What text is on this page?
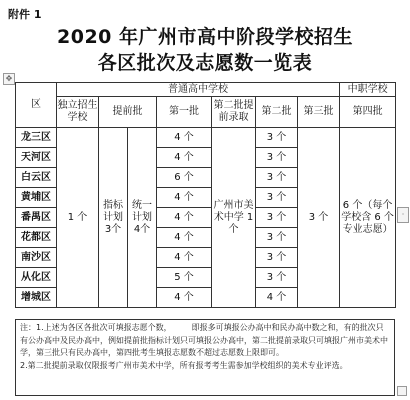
附件 1
2020 年广州市高中阶段学校招生
各区批次及志愿数一览表
✥
·
区	普通高中学校							中职学校
	独立招生学校	提前批		第一批	第二批提前录取	第二批	第三批	第四批
龙三区	1 个	指标计划 3个	统一计划 4个	4 个	广州市美术中学 1 个	3 个	3 个	6 个（每个学校含 6 个专业志愿）
天河区				4 个		3 个		
白云区				6 个		3 个		
黄埔区				4 个		3 个		
番禺区				4 个		3 个		
花都区				4 个		3 个		
南沙区				4 个		3 个		
从化区				5 个		3 个		
增城区				4 个		4 个		

注：1.上述为各区各批次可填报志愿个数，　　　即报多可填报公办高中和民办高中数之和，有的批次只有公办高中及民办高中，例如提前批指标计划只可填报公办高中，第二批提前录取只可填报广州市美术中学，第三批只有民办高中，第四批考生填报志愿数不超过志愿数上限即可。

2.第二批提前录取仅限报考广州市美术中学，所有报考考生需参加学校组织的美术专业评选。
